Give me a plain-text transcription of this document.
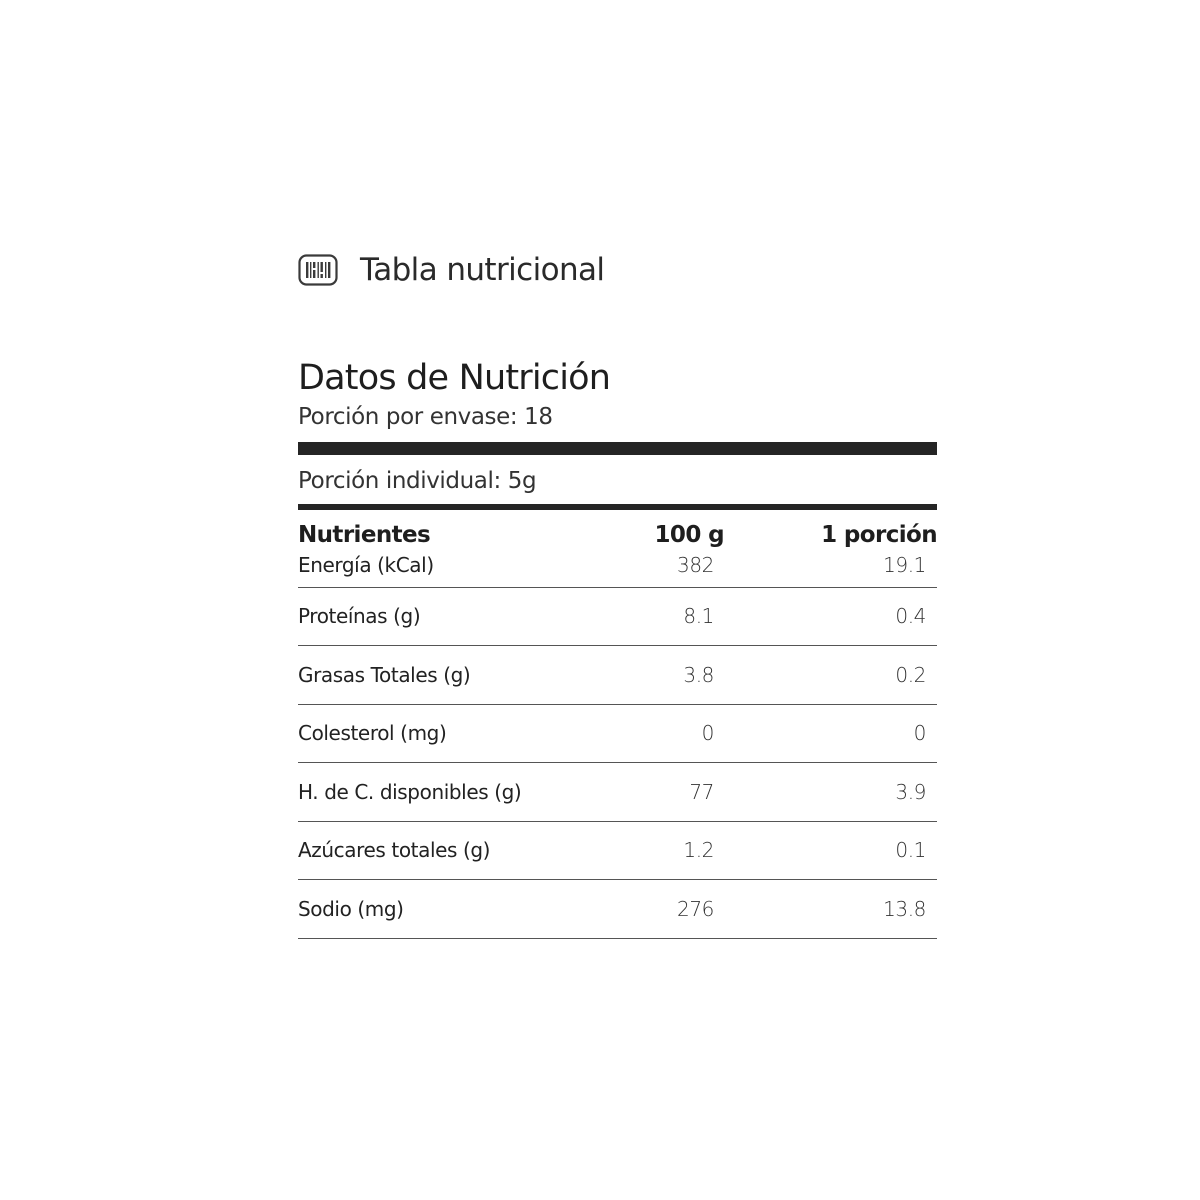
Tabla nutricional
Datos de Nutrición
Porción por envase: 18
Porción individual: 5g
Nutrientes	100 g	1 porción
Energía (kCal)	382	19.1
Proteínas (g)	8.1	0.4
Grasas Totales (g)	3.8	0.2
Colesterol (mg)	0	0
H. de C. disponibles (g)	77	3.9
Azúcares totales (g)	1.2	0.1
Sodio (mg)	276	13.8
